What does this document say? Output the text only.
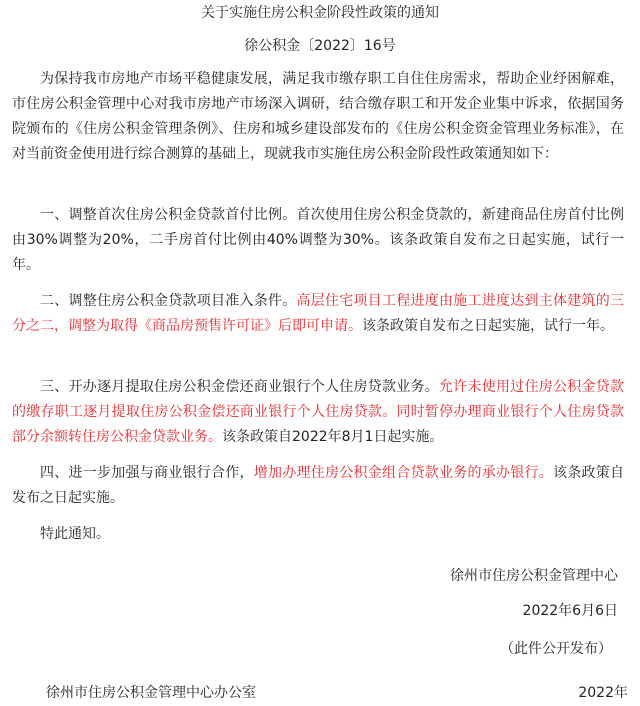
关于实施住房公积金阶段性政策的通知
徐公积金〔2022〕16号

为保持我市房地产市场平稳健康发展，满足我市缴存职工自住住房需求，帮助企业纾困解难，市住房公积金管理中心对我市房地产市场深入调研，结合缴存职工和开发企业集中诉求，依据国务院颁布的《住房公积金管理条例》、住房和城乡建设部发布的《住房公积金资金管理业务标准》，在对当前资金使用进行综合测算的基础上，现就我市实施住房公积金阶段性政策通知如下：

一、调整首次住房公积金贷款首付比例。首次使用住房公积金贷款的，新建商品住房首付比例由30%调整为20%，二手房首付比例由40%调整为30%。该条政策自发布之日起实施，试行一年。

二、调整住房公积金贷款项目准入条件。高层住宅项目工程进度由施工进度达到主体建筑的三分之二，调整为取得《商品房预售许可证》后即可申请。该条政策自发布之日起实施，试行一年。

三、开办逐月提取住房公积金偿还商业银行个人住房贷款业务。允许未使用过住房公积金贷款的缴存职工逐月提取住房公积金偿还商业银行个人住房贷款。同时暂停办理商业银行个人住房贷款部分余额转住房公积金贷款业务。该条政策自2022年8月1日起实施。

四、进一步加强与商业银行合作，增加办理住房公积金组合贷款业务的承办银行。该条政策自发布之日起实施。

特此通知。

徐州市住房公积金管理中心
2022年6月6日
（此件公开发布）
徐州市住房公积金管理中心办公室	2022年
